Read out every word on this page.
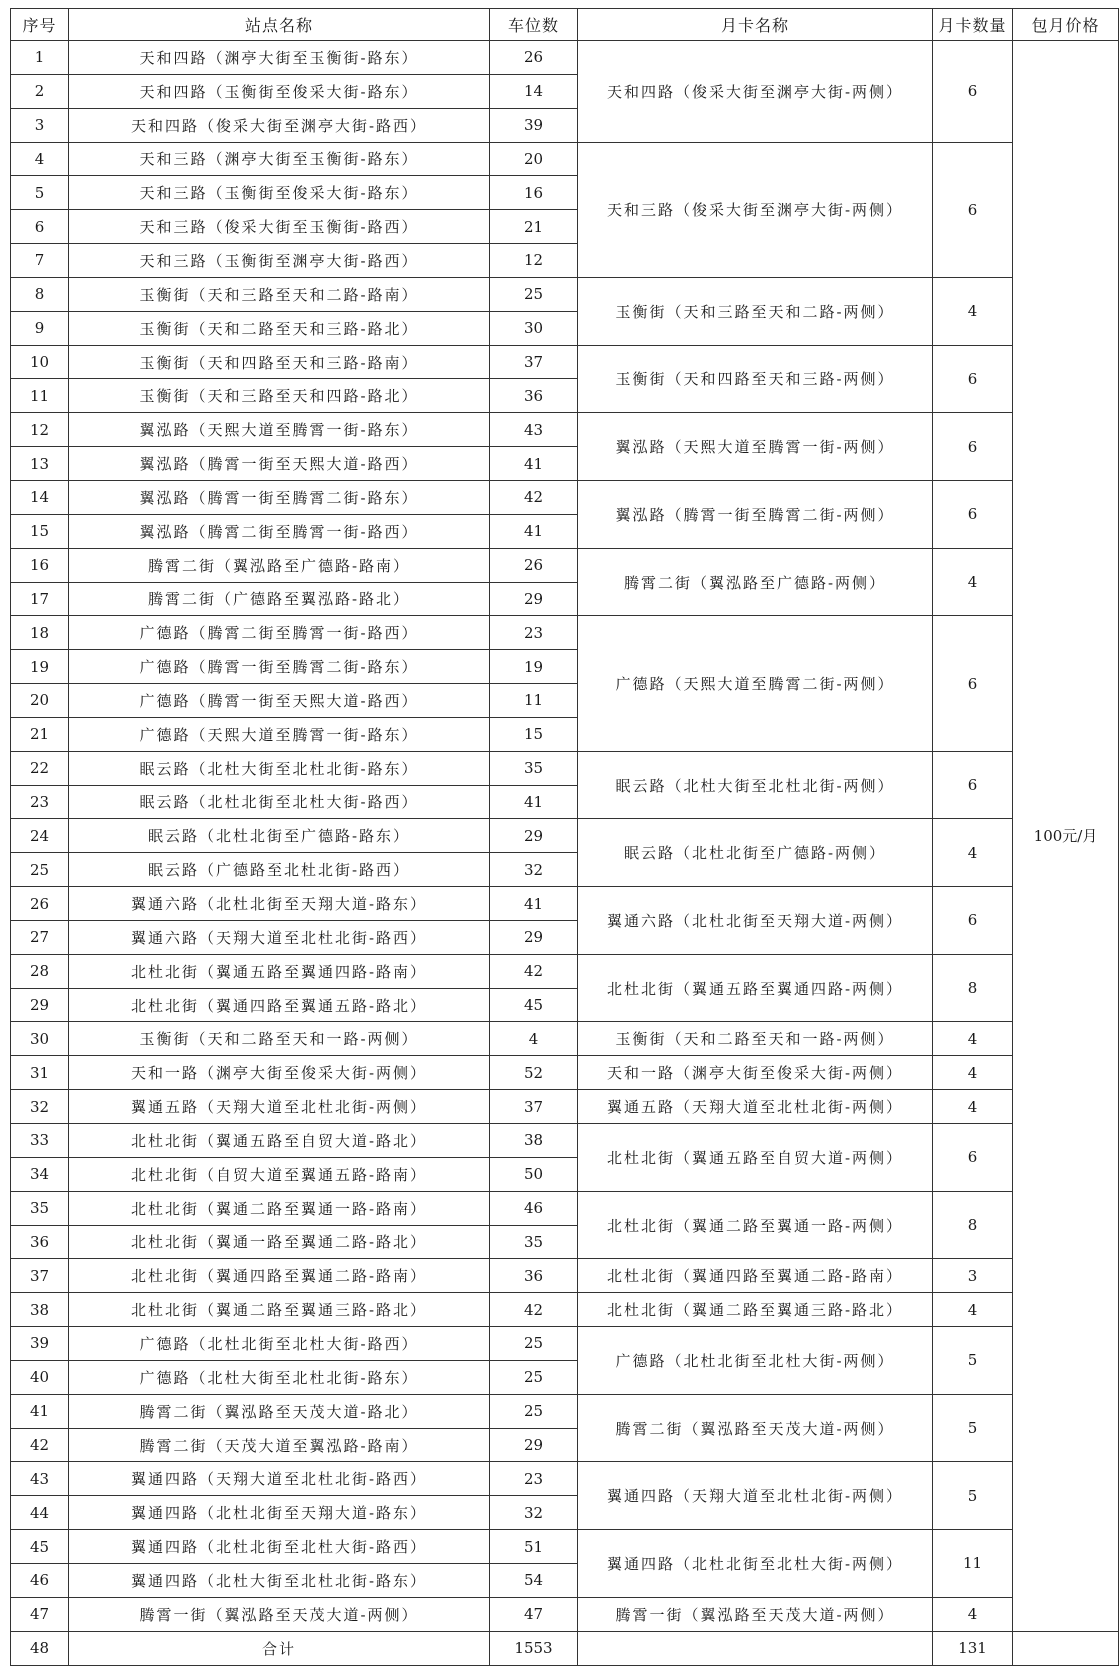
序号	站点名称	车位数	月卡名称	月卡数量	包月价格
1	天和四路（渊亭大街至玉衡街-路东）	26	天和四路（俊采大街至渊亭大街-两侧）	6	100元/月
2	天和四路（玉衡街至俊采大街-路东）	14			
3	天和四路（俊采大街至渊亭大街-路西）	39			
4	天和三路（渊亭大街至玉衡街-路东）	20	天和三路（俊采大街至渊亭大街-两侧）	6	
5	天和三路（玉衡街至俊采大街-路东）	16			
6	天和三路（俊采大街至玉衡街-路西）	21			
7	天和三路（玉衡街至渊亭大街-路西）	12			
8	玉衡街（天和三路至天和二路-路南）	25	玉衡街（天和三路至天和二路-两侧）	4	
9	玉衡街（天和二路至天和三路-路北）	30			
10	玉衡街（天和四路至天和三路-路南）	37	玉衡街（天和四路至天和三路-两侧）	6	
11	玉衡街（天和三路至天和四路-路北）	36			
12	翼泓路（天熙大道至腾霄一街-路东）	43	翼泓路（天熙大道至腾霄一街-两侧）	6	
13	翼泓路（腾霄一街至天熙大道-路西）	41			
14	翼泓路（腾霄一街至腾霄二街-路东）	42	翼泓路（腾霄一街至腾霄二街-两侧）	6	
15	翼泓路（腾霄二街至腾霄一街-路西）	41			
16	腾霄二街（翼泓路至广德路-路南）	26	腾霄二街（翼泓路至广德路-两侧）	4	
17	腾霄二街（广德路至翼泓路-路北）	29			
18	广德路（腾霄二街至腾霄一街-路西）	23	广德路（天熙大道至腾霄二街-两侧）	6	
19	广德路（腾霄一街至腾霄二街-路东）	19			
20	广德路（腾霄一街至天熙大道-路西）	11			
21	广德路（天熙大道至腾霄一街-路东）	15			
22	眠云路（北杜大街至北杜北街-路东）	35	眠云路（北杜大街至北杜北街-两侧）	6	
23	眠云路（北杜北街至北杜大街-路西）	41			
24	眠云路（北杜北街至广德路-路东）	29	眠云路（北杜北街至广德路-两侧）	4	
25	眠云路（广德路至北杜北街-路西）	32			
26	翼通六路（北杜北街至天翔大道-路东）	41	翼通六路（北杜北街至天翔大道-两侧）	6	
27	翼通六路（天翔大道至北杜北街-路西）	29			
28	北杜北街（翼通五路至翼通四路-路南）	42	北杜北街（翼通五路至翼通四路-两侧）	8	
29	北杜北街（翼通四路至翼通五路-路北）	45			
30	玉衡街（天和二路至天和一路-两侧）	4	玉衡街（天和二路至天和一路-两侧）	4	
31	天和一路（渊亭大街至俊采大街-两侧）	52	天和一路（渊亭大街至俊采大街-两侧）	4	
32	翼通五路（天翔大道至北杜北街-两侧）	37	翼通五路（天翔大道至北杜北街-两侧）	4	
33	北杜北街（翼通五路至自贸大道-路北）	38	北杜北街（翼通五路至自贸大道-两侧）	6	
34	北杜北街（自贸大道至翼通五路-路南）	50			
35	北杜北街（翼通二路至翼通一路-路南）	46	北杜北街（翼通二路至翼通一路-两侧）	8	
36	北杜北街（翼通一路至翼通二路-路北）	35			
37	北杜北街（翼通四路至翼通二路-路南）	36	北杜北街（翼通四路至翼通二路-路南）	3	
38	北杜北街（翼通二路至翼通三路-路北）	42	北杜北街（翼通二路至翼通三路-路北）	4	
39	广德路（北杜北街至北杜大街-路西）	25	广德路（北杜北街至北杜大街-两侧）	5	
40	广德路（北杜大街至北杜北街-路东）	25			
41	腾霄二街（翼泓路至天茂大道-路北）	25	腾霄二街（翼泓路至天茂大道-两侧）	5	
42	腾霄二街（天茂大道至翼泓路-路南）	29			
43	翼通四路（天翔大道至北杜北街-路西）	23	翼通四路（天翔大道至北杜北街-两侧）	5	
44	翼通四路（北杜北街至天翔大道-路东）	32			
45	翼通四路（北杜北街至北杜大街-路西）	51	翼通四路（北杜北街至北杜大街-两侧）	11	
46	翼通四路（北杜大街至北杜北街-路东）	54			
47	腾霄一街（翼泓路至天茂大道-两侧）	47	腾霄一街（翼泓路至天茂大道-两侧）	4	
48	合计	1553		131	
